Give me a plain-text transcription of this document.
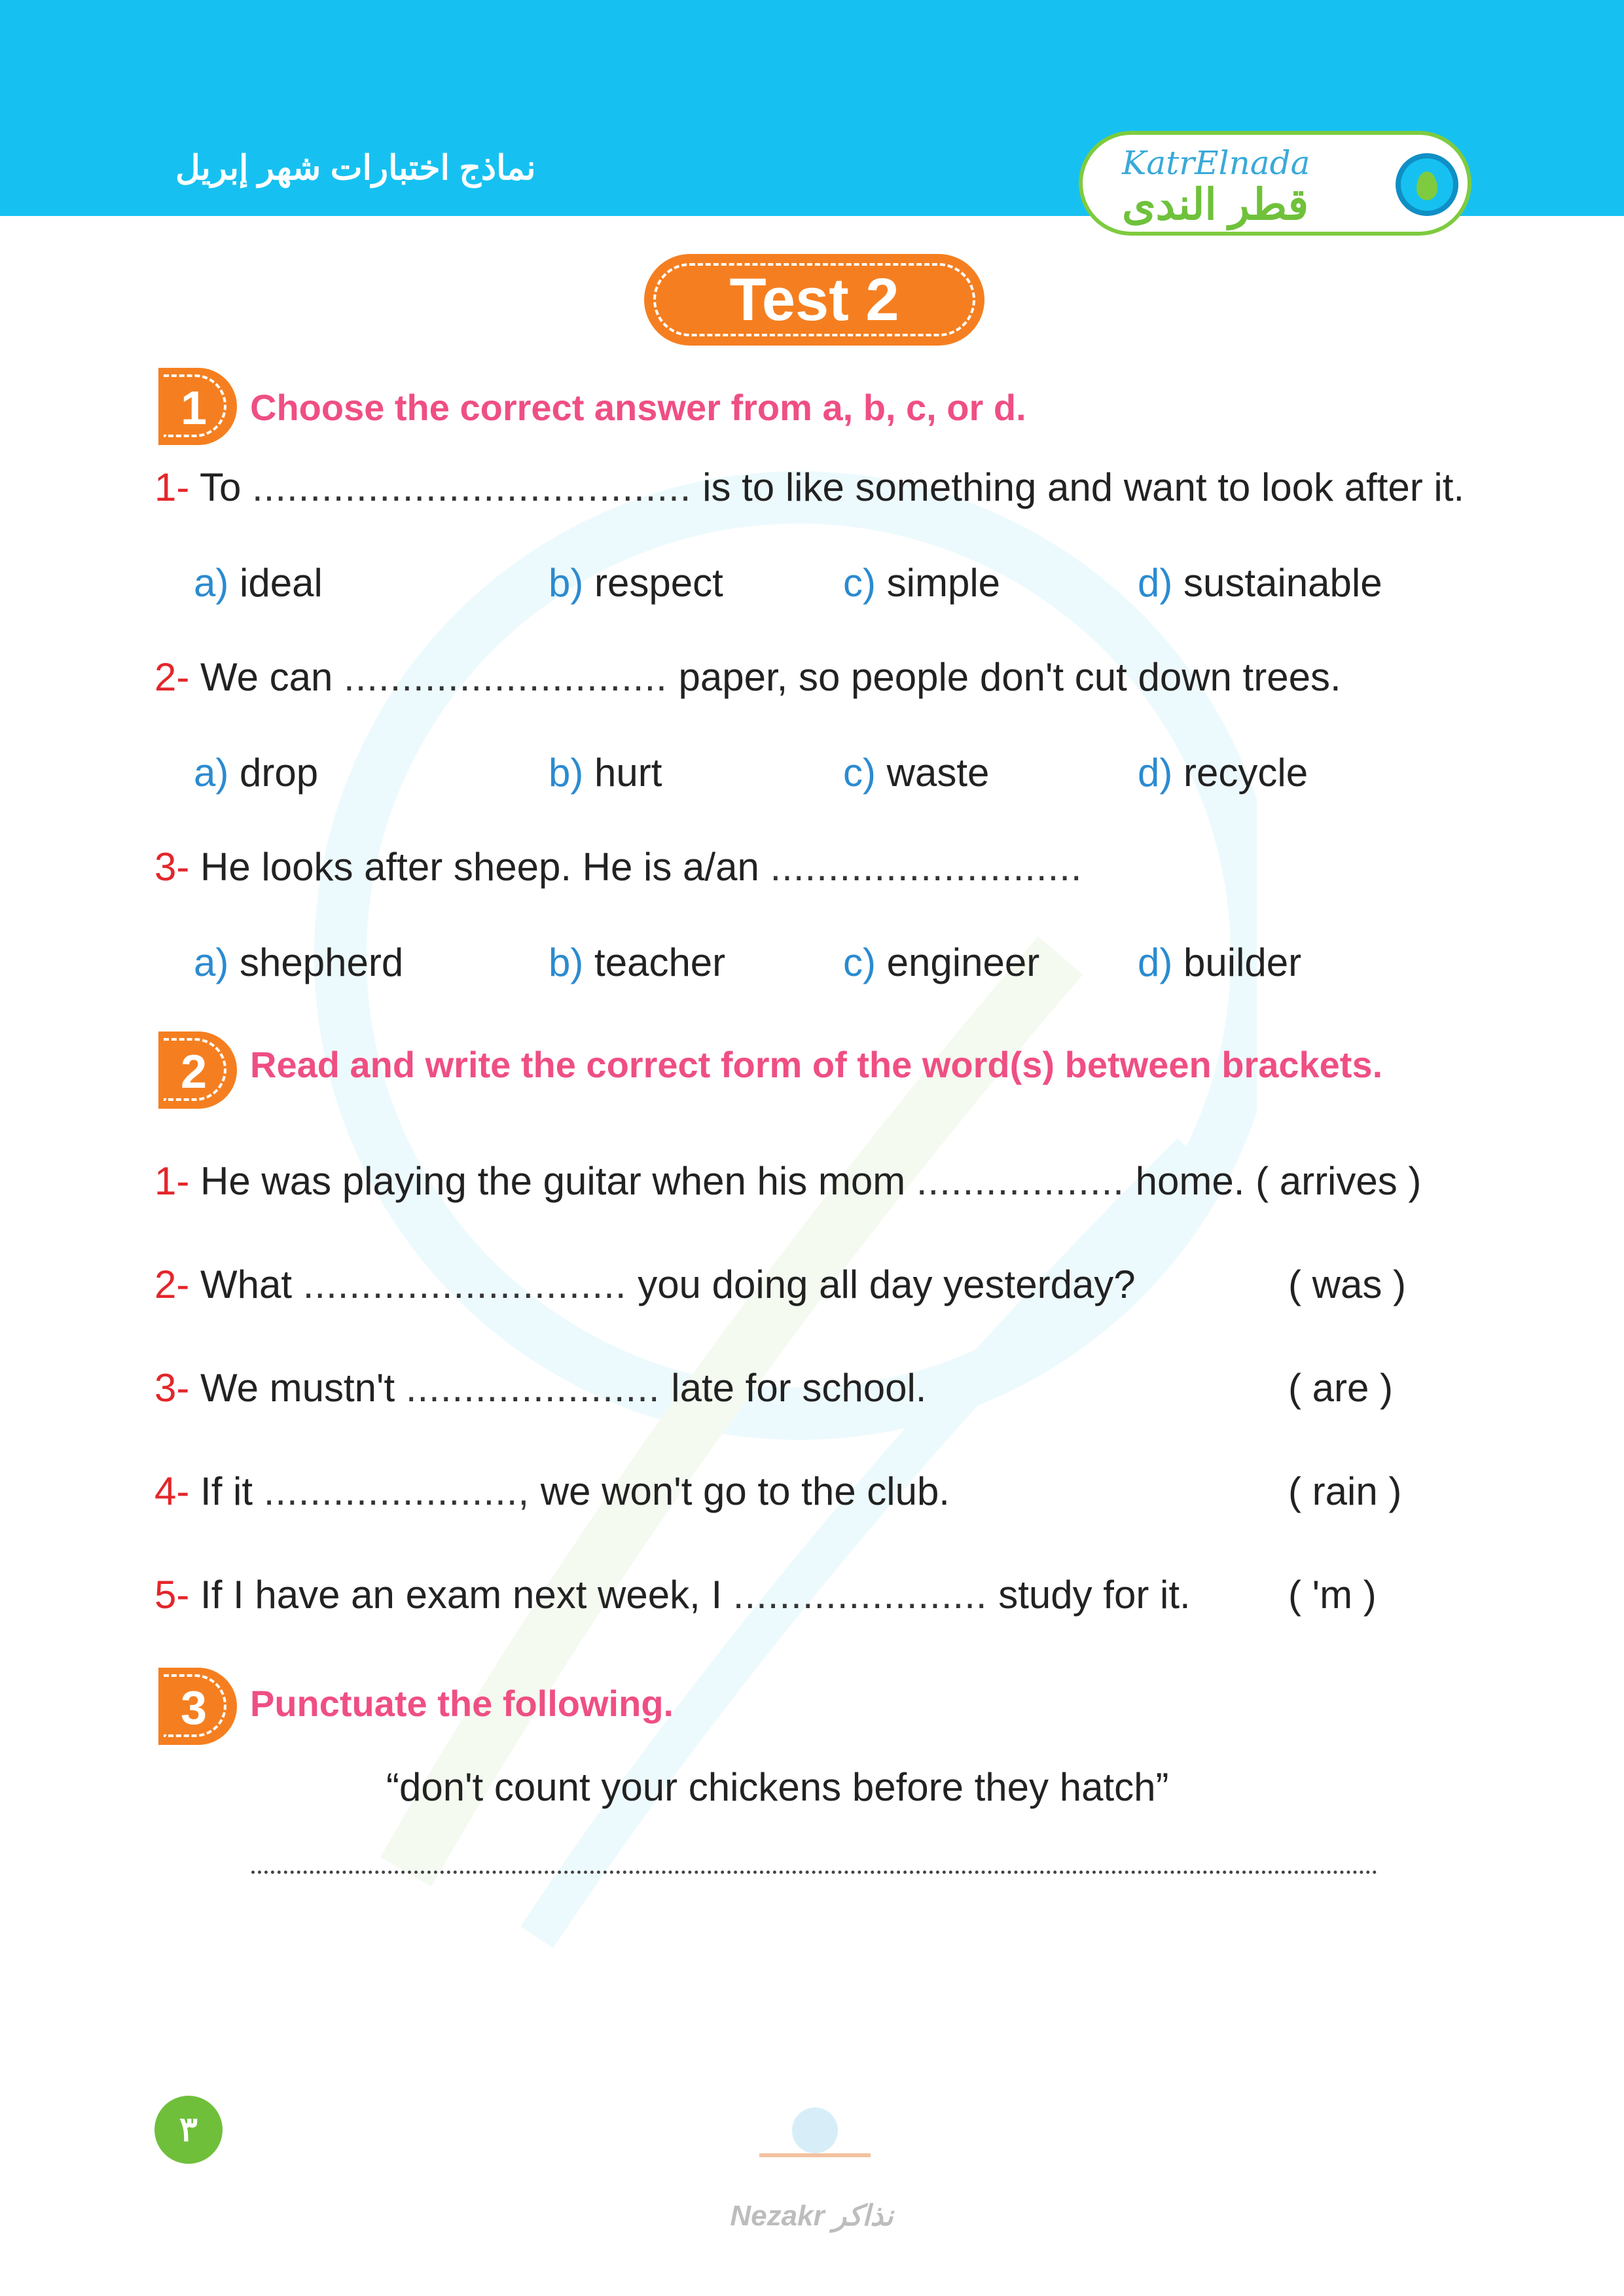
نماذج اختبارات شهر إبريل	KatrElnada
قطر الندى
Test 2
1	Choose the correct answer from a, b, c, or d.
1- To ...................................... is to like something and want to look after it.
a) ideal	b) respect	c) simple	d) sustainable
2- We can ............................ paper, so people don't cut down trees.
a) drop	b) hurt	c) waste	d) recycle
3- He looks after sheep. He is a/an ...........................
a) shepherd	b) teacher	c) engineer d) builder
2	Read and write the correct form of the word(s) between brackets.
1- He was playing the guitar when his mom .................. home. ( arrives )
2- What ............................ you doing all day yesterday?	( was )
3- We mustn't ...................... late for school.	( are )
4- If it ......................, we won't go to the club.	( rain )
5- If I have an exam next week, I ...................... study for it. ( 'm )
3	Punctuate the following.
“don't count your chickens before they hatch”
٣
Nezakr نذاكر
